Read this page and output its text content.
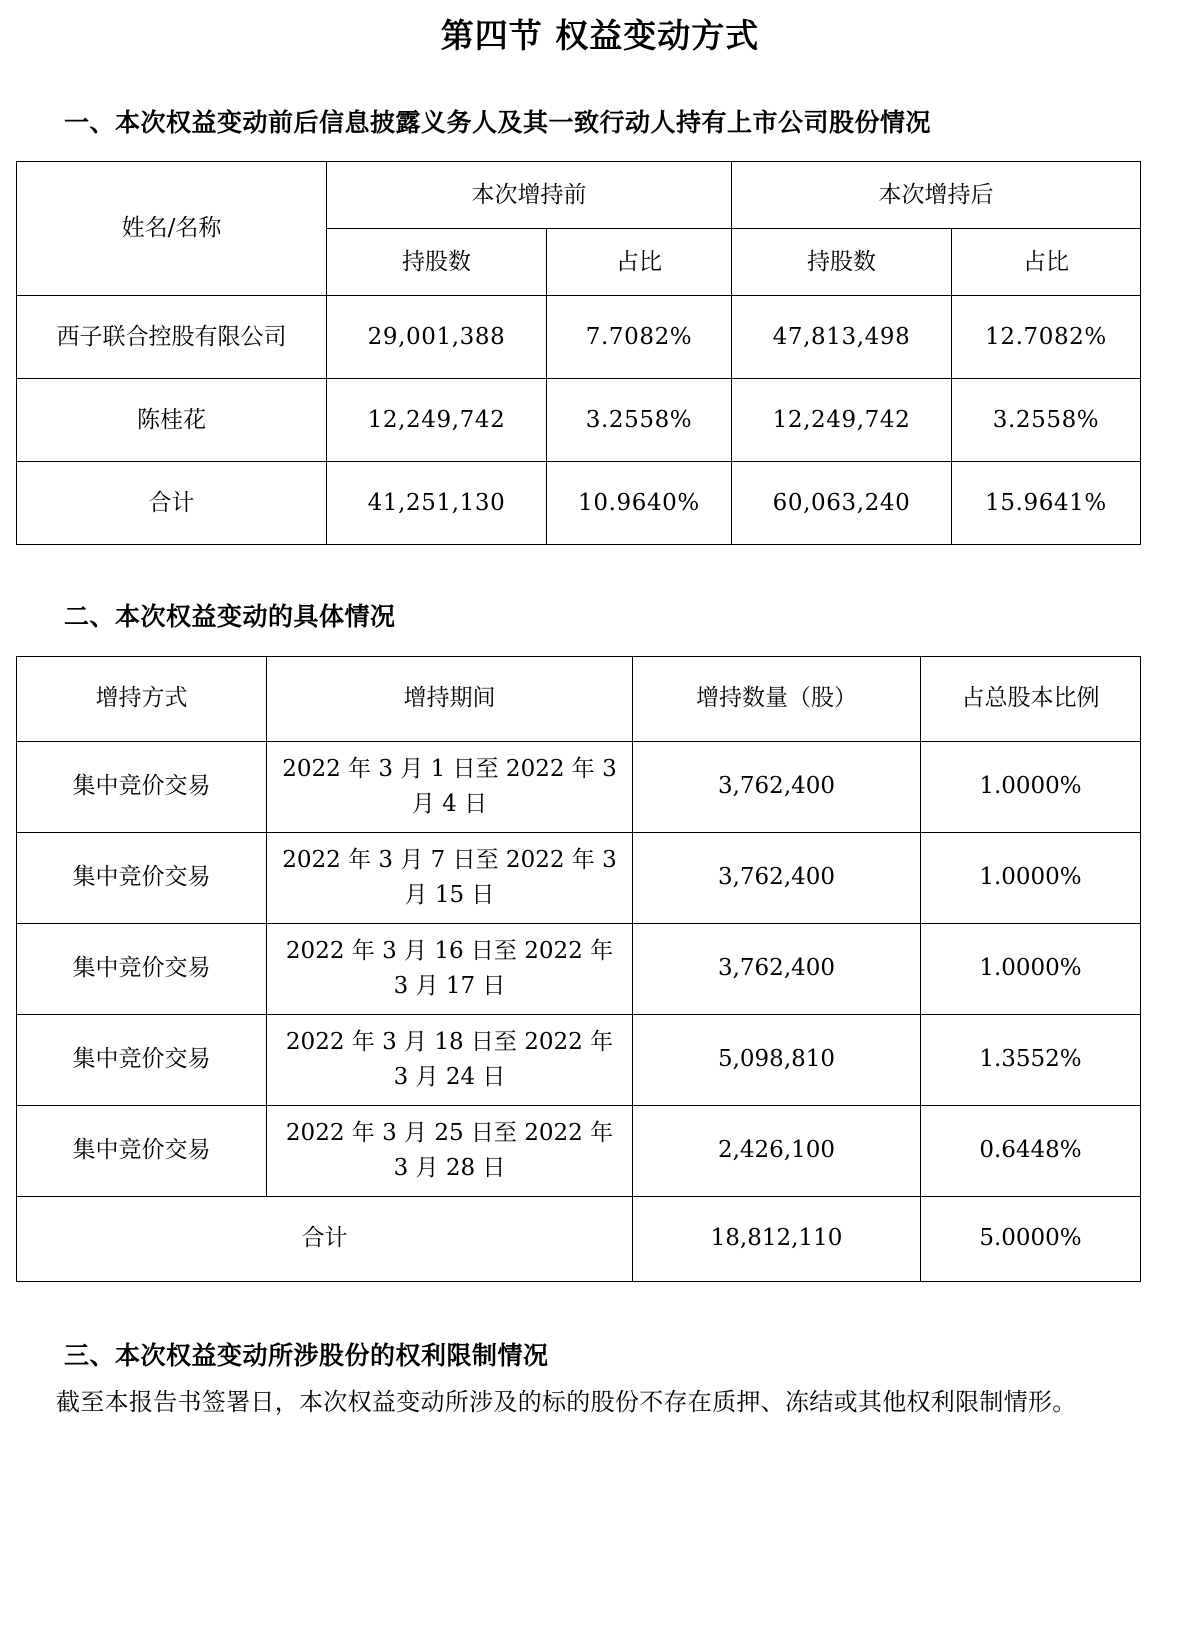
第四节 权益变动方式
一、本次权益变动前后信息披露义务人及其一致行动人持有上市公司股份情况
姓名/名称	本次增持前		本次增持后	
	持股数	占比	持股数	占比
西子联合控股有限公司	29,001,388	7.7082%	47,813,498	12.7082%
陈桂花	12,249,742	3.2558%	12,249,742	3.2558%
合计	41,251,130	10.9640%	60,063,240	15.9641%
二、本次权益变动的具体情况
增持方式	增持期间	增持数量（股）	占总股本比例
集中竞价交易	2022 年 3 月 1 日至 2022 年 3 月 4 日	3,762,400	1.0000%
集中竞价交易	2022 年 3 月 7 日至 2022 年 3 月 15 日	3,762,400	1.0000%
集中竞价交易	2022 年 3 月 16 日至 2022 年 3 月 17 日	3,762,400	1.0000%
集中竞价交易	2022 年 3 月 18 日至 2022 年 3 月 24 日	5,098,810	1.3552%
集中竞价交易	2022 年 3 月 25 日至 2022 年 3 月 28 日	2,426,100	0.6448%
合计		18,812,110	5.0000%
三、本次权益变动所涉股份的权利限制情况

截至本报告书签署日，本次权益变动所涉及的标的股份不存在质押、冻结或其他权利限制情形。
